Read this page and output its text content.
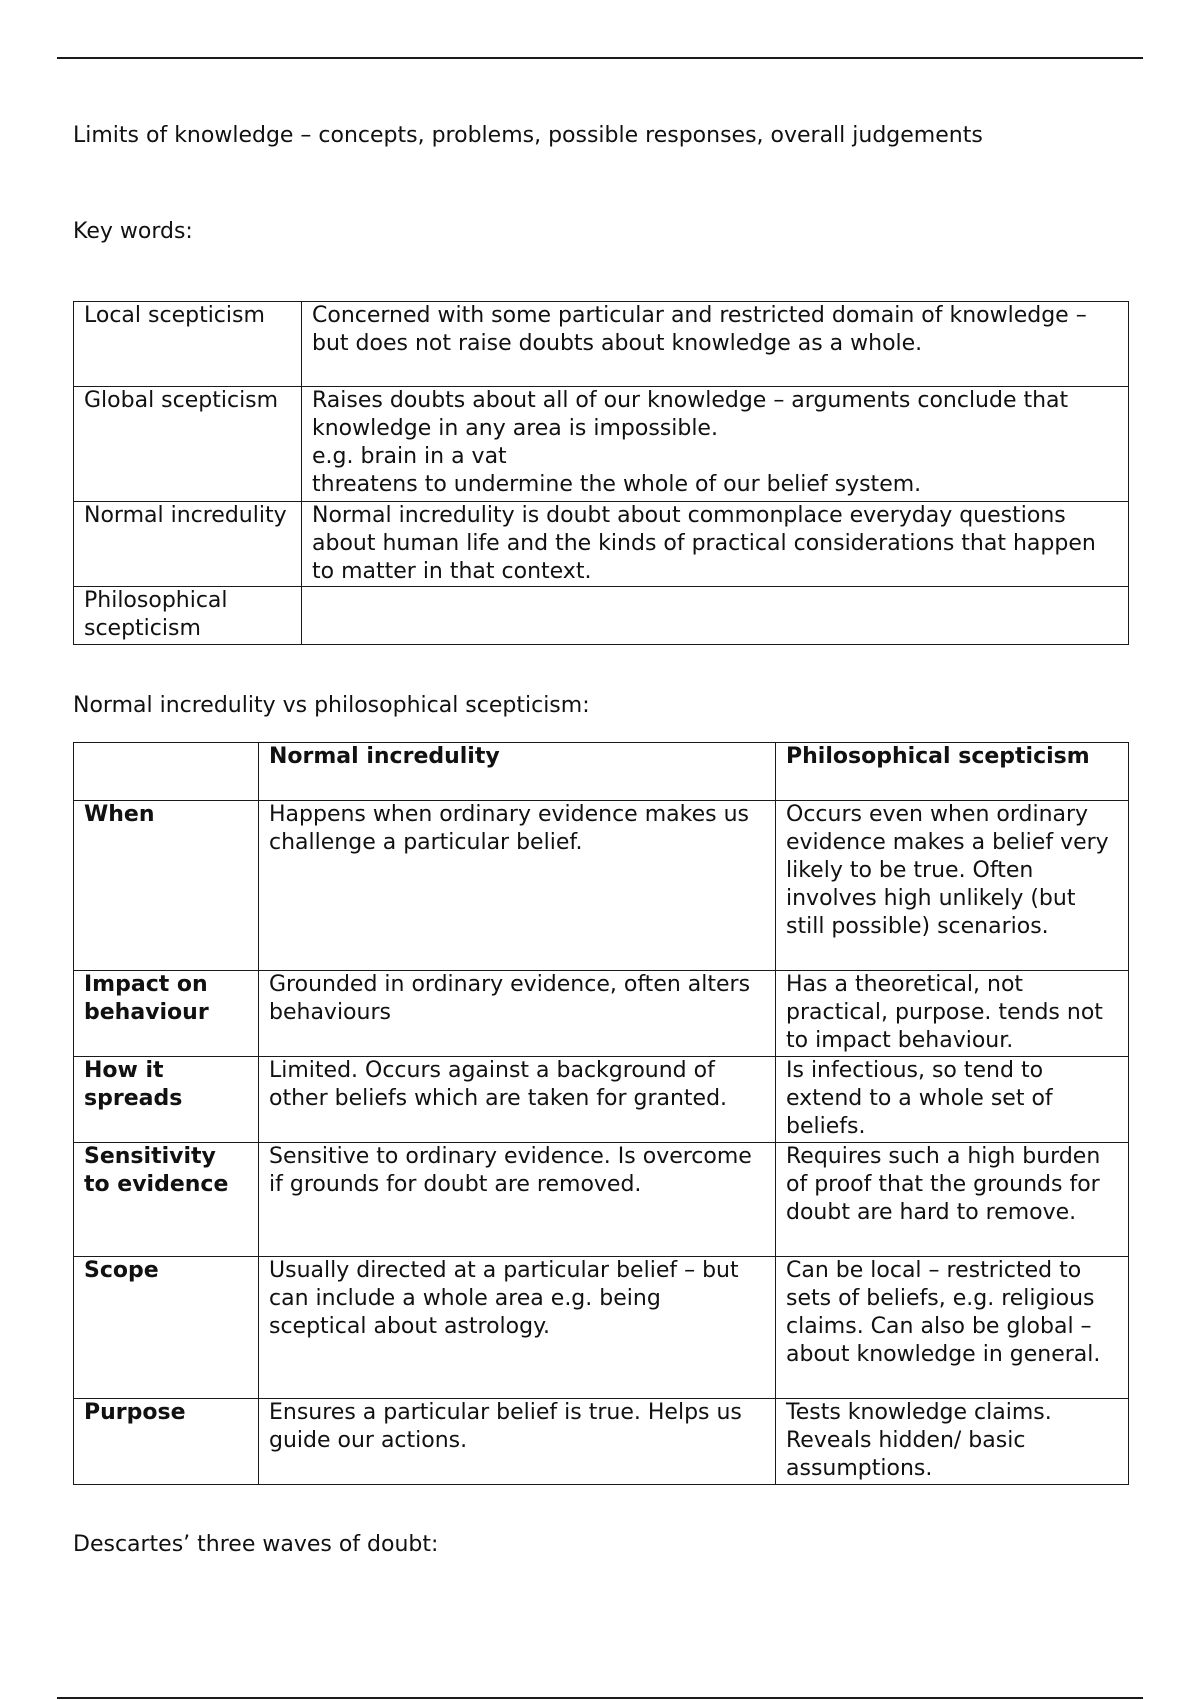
Limits of knowledge – concepts, problems, possible responses, overall judgements

Key words:

Local scepticism	Concerned with some particular and restricted domain of knowledge – but does not raise doubts about knowledge as a whole.
Global scepticism	Raises doubts about all of our knowledge – arguments conclude that knowledge in any area is impossible.
e.g. brain in a vat
threatens to undermine the whole of our belief system.

Normal incredulity	Normal incredulity is doubt about commonplace everyday questions about human life and the kinds of practical considerations that happen to matter in that context.
Philosophical scepticism	

Normal incredulity vs philosophical scepticism:

	Normal incredulity	Philosophical scepticism
When	Happens when ordinary evidence makes us challenge a particular belief.	Occurs even when ordinary evidence makes a belief very likely to be true. Often involves high unlikely (but still possible) scenarios.
Impact on behaviour	Grounded in ordinary evidence, often alters behaviours	Has a theoretical, not practical, purpose. tends not to impact behaviour.
How it spreads	Limited. Occurs against a background of other beliefs which are taken for granted.	Is infectious, so tend to extend to a whole set of beliefs.
Sensitivity to evidence	Sensitive to ordinary evidence. Is overcome if grounds for doubt are removed.	Requires such a high burden of proof that the grounds for doubt are hard to remove.
Scope	Usually directed at a particular belief – but can include a whole area e.g. being sceptical about astrology.	Can be local – restricted to sets of beliefs, e.g. religious claims. Can also be global – about knowledge in general.
Purpose	Ensures a particular belief is true. Helps us guide our actions.	Tests knowledge claims. Reveals hidden/ basic assumptions.

Descartes’ three waves of doubt:
